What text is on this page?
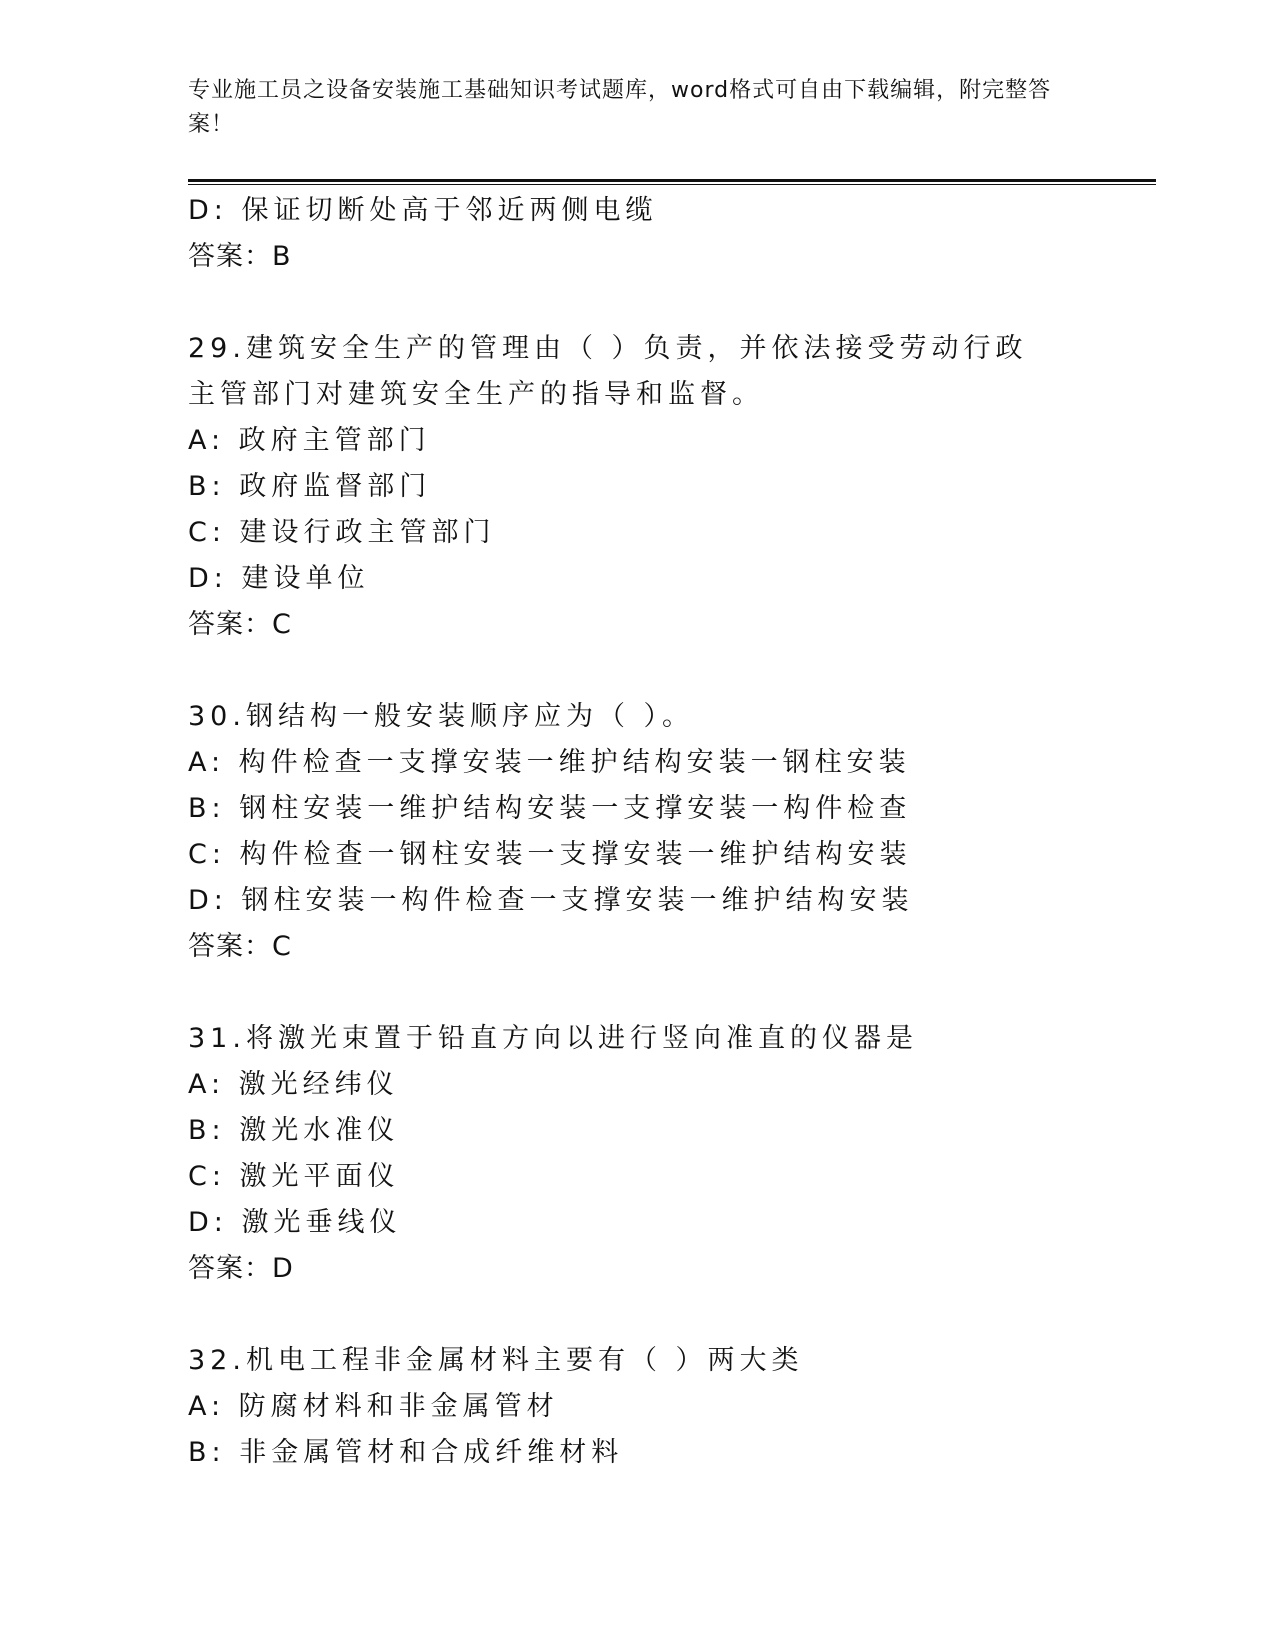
专业施工员之设备安装施工基础知识考试题库，word格式可自由下载编辑，附完整答案！
D: 保证切断处高于邻近两侧电缆
答案：B
29.建筑安全生产的管理由（ ）负责，并依法接受劳动行政主管部门对建筑安全生产的指导和监督。
A: 政府主管部门
B: 政府监督部门
C: 建设行政主管部门
D: 建设单位
答案：C
30.钢结构一般安装顺序应为（ ）。
A: 构件检查一支撑安装一维护结构安装一钢柱安装
B: 钢柱安装一维护结构安装一支撑安装一构件检查
C: 构件检查一钢柱安装一支撑安装一维护结构安装
D: 钢柱安装一构件检查一支撑安装一维护结构安装
答案：C
31.将激光束置于铅直方向以进行竖向准直的仪器是
A: 激光经纬仪
B: 激光水准仪
C: 激光平面仪
D: 激光垂线仪
答案：D
32.机电工程非金属材料主要有（ ）两大类
A: 防腐材料和非金属管材
B: 非金属管材和合成纤维材料
